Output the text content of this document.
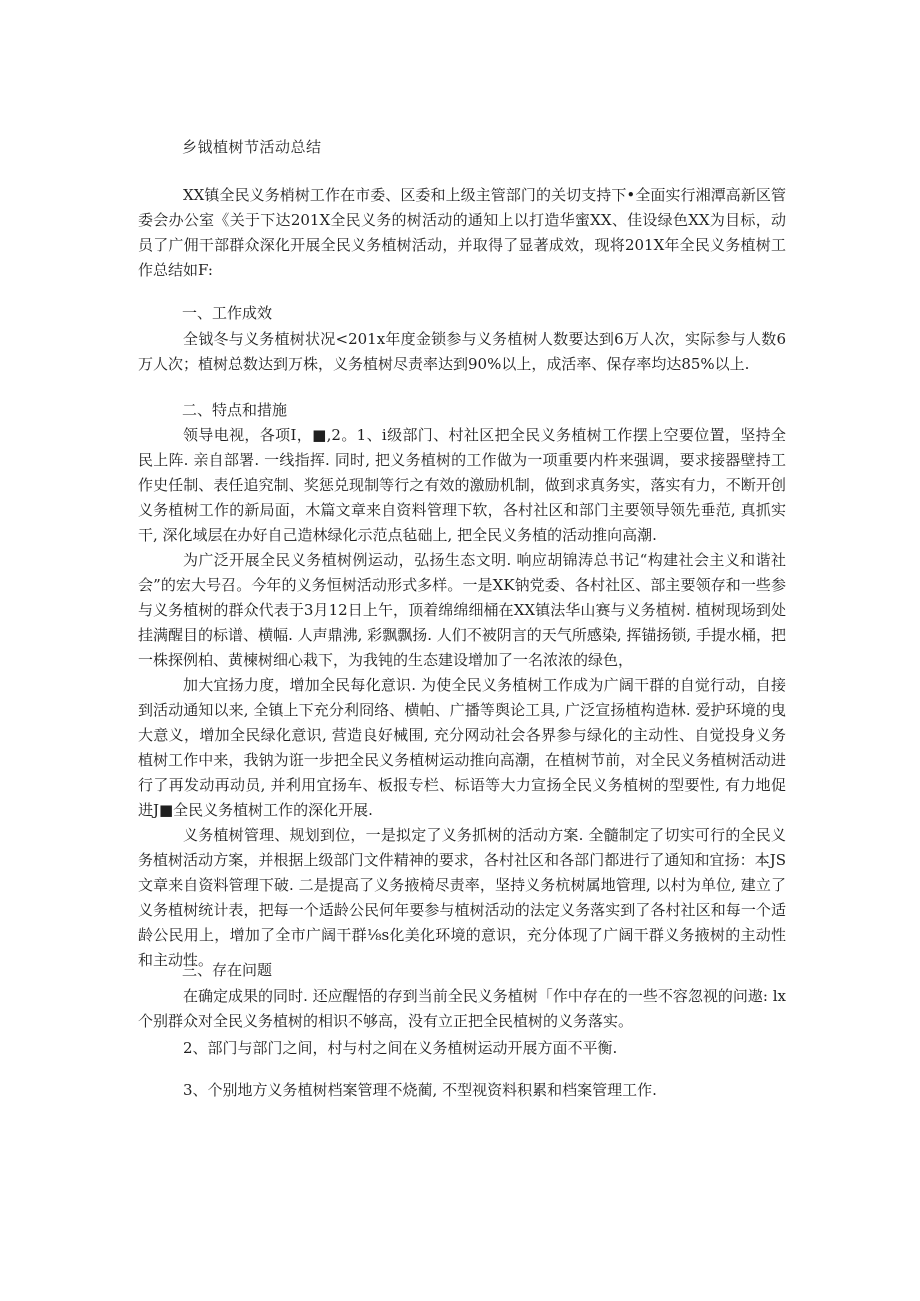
乡钺植树节活动总结

XX镇全民义务梢树工作在市委、区委和上级主管部门的关切支持下•全面实行湘潭高新区管委会办公室《关于下达201X全民义务的树活动的通知上以打造华蜜XX、佳设绿色XX为目标，动员了广佣干部群众深化开展全民义务植树活动，并取得了显著成效，现将201X年全民义务植树工作总结如F:

一、工作成效

全钺冬与义务植树状况<201x年度金锁参与义务植树人数要达到6万人次，实际参与人数6万人次；植树总数达到万株，义务植树尽责率达到90%以上，成活率、保存率均达85%以上.

二、特点和措施

领导电视，各项I，■,2。1、i级部门、村社区把全民义务植树工作摆上空要位置，坚持全民上阵. 亲自部署. 一线指挥. 同时, 把义务植树的工作做为一项重要内杵来强调，要求接器壁持工作史任制、表任追究制、奖惩兑现制等行之有效的激励机制，做到求真务实，落实有力，不断开创义务植树工作的新局面，木篇文章来自资料管理下软，各村社区和部门主要领导领先垂范, 真抓实干, 深化域层在办好自己造林绿化示范点毡础上, 把全民义务植的活动推向高潮.

为广泛开展全民义务植树例运动，弘扬生态文明. 响应胡锦涛总书记“构建社会主义和谐社会”的宏大号召。今年的义务恒树活动形式多样。一是XK钠党委、各村社区、部主要领存和一些参与义务植树的群众代表于3月12日上午，顶着绵绵细桶在XX镇法华山赛与义务植树. 植树现场到处挂满醒目的标谱、横幅. 人声鼎沸, 彩飘飘扬. 人们不被阴言的天气所感染, 挥锚扬锁, 手提水桶，把一株探例柏、黄楝树细心栽下，为我钝的生态建设增加了一名浓浓的绿色，

加大宜扬力度，增加全民每化意识. 为使全民义务植树工作成为广阔干群的自觉行动，自接到活动通知以来, 全镇上下充分利冏络、横帕、广播等舆论工具, 广泛宣扬植构造林. 爱护环境的曳大意义，增加全民绿化意识, 营造良好械围, 充分网动社会各界参与绿化的主动性、自觉投身义务植树工作中来，我钠为诳一步把全民义务植树运动推向高潮，在植树节前，对全民义务植树活动进行了再发动再动员, 并利用宜扬车、板报专栏、标语等大力宣扬全民义务植树的型要性, 有力地促进J■全民义务植树工作的深化开展.

义务植树管理、规划到位，一是拟定了义务抓树的活动方案. 全髓制定了切实可行的全民义务植树活动方案，并根据上级部门文件精神的要求，各村社区和各部门都进行了通知和宜扬：本JS文章来自资料管理下破. 二是提高了义务掖椅尽责率，坚持义务杭树属地管理, 以村为单位, 建立了义务植树统计表，把每一个适龄公民何年要参与植树活动的法定义务落实到了各村社区和每一个适龄公民用上，增加了全市广阔干群⅛s化美化环境的意识，充分体现了广阔干群义务掖树的主动性和主动性。

三、存在问题

在确定成果的同时. 还应醒悟的存到当前全民义务植树「作中存在的一些不容忽视的问遨: lx个别群众对全民义务植树的相识不够高，没有立正把全民植树的义务落实。

2、部门与部门之间，村与村之间在义务植树运动开展方面不平衡.

3、个别地方义务植树档案管理不烧蔺, 不型视资料积累和档案管理工作.
